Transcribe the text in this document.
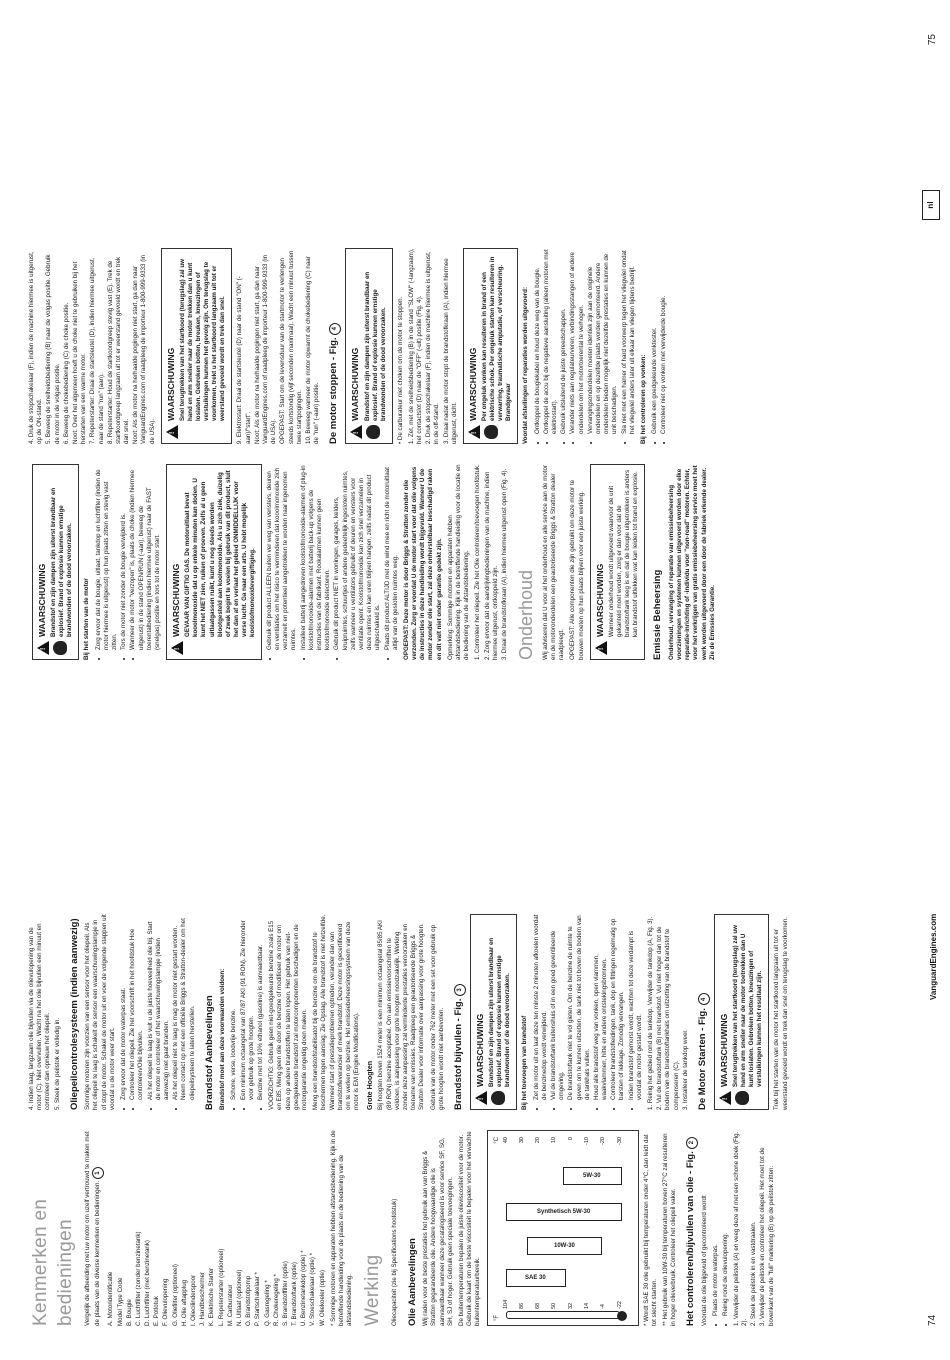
Kenmerken en bedieningen	Vergelijk de afbeelding met uw motor om uzelf vertrouwd te maken met de plaats van de diverse kenmerken en bedieningen. 1

A. Motoridentificatie Model Type Code B. Bougie C. Luchtfilter (zonder benzinetank) D. Luchtfilter (met benzinetank) E. Potlotuk F. Olievulopening G. Oliefilter (optioneel) H. Olie aftapplug I. Oliecilinderspoor J. Handbeschermer K. Elektrische Starter L. Repeterstarter (optioneel) M. Carburateur N. Uitlaat (optioneel) O. Brandstofpomp P. Startschakelaar * Q. Gasregeling * R. Chokeregeling * S. Brandstoffilter (optie) T. Brandstoftank (optie) U. Benzinetankdop (optie) * V. Stoeschakelaar (optie) * W. Oliekoeler (optie) * Sommige motoren en apparaten hebben afstandsbediening. Kijk in de betreffende handleiding voor de plaats en de bediening van de afstandsbediening. Werking	Oliecapaciteit (zie bij Specifications hoofdstuk) Olie Aanbevelingen Wij raden voor de beste prestaties het gebruik aan van Briggs & Stratton gegarandeerde olie. Andere hoogwaardige olie is aanvaardbaar wanneer deze gecatalogiseerd is voor service SF, SG, SH, SJ of hoger. Gebruik geen speciale toevoegingen. De buitentemperaturen bepalen de juiste olieviscositeit voor de motor. Gebruik de kaart om de beste viscositeit te bepalen voor het verwachte buitentemperatuurbereik. °F
°C
104 86 68 50 32 14 -4 -22
40 30 20 10 0 -10 -20 -30
SAE 30
10W-30
Synthetisch 5W-30
5W-30

* Wordt SAE 30 olie gebruikt bij temperaturen onder 4°C, dan leidt dat tot slecht starten. ** Het gebruik van 10W-30 bij temperaturen boven 27°C zal resulteren in hoger olieverbruik. Controleer het oliepeil vaker. Het controleren/bijvullen van olie - Fig. 2

Voordat de olie bijgevuld of gecontroleerd wordt • Plaats de motor waterpas. • Reinig rond de olievulopening. 1. Verwijder de peilstok (A) en veeg deze af met een schone doek (Fig. 2). 2. Steek de peilstok in en vastdraaien. 3. Verwijder de peilstok en controleer het oliepeil. Het moet tot de bovenkant van de "full" markering (B) op de peilstok zitten.
4. Indien laag, langzaam olie bijvullen via de olievulopening van de motor (C). Niet overvullen. Wacht na het olie bijvullen een minuut en controleer dan opnieuw het oliepeil. 5. Steek de peilstok er volledig in. Oliepeilcontrolesysteem (indien aanwezig) Sommige motoren zijn voorzien van een sensor voor het oliepeil. Als het oliepeil te laag is schakelt de sensor een waarschuwingslampje in of stopt de motor. Schakel de motor uit en voer de volgende stappen uit voordat u de motor weer start. • Zorg ervoor dat de motor waterpas staat. • Controleer het oliepeil. Zie het voorschrift in het hoofdstuk Hoe controleren/Olie bijvullen. • Als het oliepeil te laag is vult u de juiste hoeveelheid olie bij. Start de motor en controleer of het waarschuwingslampje (indien aanwezig) niet gaat branden. • Als het oliepeil niet te laag is mag de motor niet gestart worden. Neem contact op met een officiële Briggs & Stratton-dealer om het oliepeilsysteem te laten herstellen. Brandstof Aanbevelingen Brandstof moet aan deze voorwaarden voldoen: • Schone, verse, loodvrije benzine. • Een minimum octaangetal van 87/87 AKI (91 RON). Zie hieronder voor gebruik op grote hoogten. • Benzine met tot 10% ethanol (gasoline) is aanvaardbaar. VOORZICHTIG: Gebruik geen niet-goedgekeurde benzine zoals E15 en E85. Meng geen olie door de benzine of modificeer de motor om deze op andere brandstoffen te laten lopen. Het gebruik van niet-goedgekeurde brandstof zal motorcomponenten beschadigen en de motorgarantie ongeldig doen maken. Meng een brandstofstabilisator bij de benzine om de brandstof te beschermen tegen aanslag. Zie Opslag. Alle brandstof is niet hetzelfde. Wanneer start of prestatieproblemen optreden, verander dan van brandstofleverancier of merk brandstof. Deze motor is gecertificeerd om te werken op benzine. Het emissiebeheersingssysteem van deze motor is EM (Engine Modifications). Grote Hoogten Bij hoogten boven 1524 meter is een minimum octaangetal 85/85 AKI (89 RON) benzine acceptabel. Om aan emissievoorschriften te voldoen, is aanpassing voor grote hoogten noodzakelijk. Werking zonder deze aanpassing zal verminderde prestaties veroorzaken en toename van emissies. Raadpleeg een geautoriseerde Briggs & Stratton Dealer voor informatie over aanpassing voor grote hoogten. Gebruik van de motor onder 762 meter met een set voor gebruik op grote hoogten wordt niet aanbevolen. Brandstof bijvullen - Fig. 3
!
WAARSCHUWING Brandstof en zijn dampen zijn uiterst brandbaar en explosief. Brand of explosie kunnen ernstige brandwonden of de dood veroorzaken. Bij het toevoegen van brandstof • Zet de motor uit en laat deze ten minste 2 minuten afkoelen voordat de benzinedop wordt verwijderd. • Vul de brandstoftank buitenshuis of in een goed geventileerde omgeving. • De brandstoftank niet te vol gieten. Om de benzine de ruimte te geven om te kunnen uitzetten, de tank niet tot boven de bodem van de tankhals vullen. • Houd alle brandstof weg van vonken, open vlammen, waakvlammen, hitte en andere ontstekingsbronnen. • Controleer brandstofleidingen, tank, dop en fittingen regelmatig op barsten of lekkage. Zonodig vervangen. • Indien brandstof gemorst wordt, wachten tot deze verdampt is voordat de motor gestart wordt. 1. Reinig het gebied rond de tankdop. Verwijder de tankdop (A, Fig. 3). 2. Vul de brandstoftank (B) met brandstof. Vul niet hoger dan tot de bodem van de brandstoftankhals om uitzetting van de brandstof te compenseren (C). 3. Installeer de tankdop weer. De Motor Starten - Fig. 4
!
WAARSCHUWING Snel terugtrekken van het startkoord (terugslag) zal uw hand en arm sneller naar de motor toetrekken dan U kunt loslaten. Gebroken botten, kneuzingen of verstuikingen kunnen het resultaat zijn. Trek bij het starten van de motor het startkoord langzaam uit tot er weerstand gevoeld wordt en trek dan snel om terugslag te voorkomen.

74
VanguardEngines.com
!
WAARSCHUWING Brandstof en zijn dampen zijn uiterst brandbaar en explosief. Brand of explosie kunnen ernstige brandwonden of de dood veroorzaken. Bij het starten van de motor • Zorg ervoor dat de bougie, uitlaat, tankdop en luchtfilter (indien de motor hiermee is uitgerust) op hun plaats zitten en stevig vast zitten. • Tors de motor niet zonder de bougie verwijderd is. • Wanneer de motor "verzopen" is, plaats de choke (indien hiermee uitgerust) in de stand OPEN/RUN (-aan), beweeg de toerentalbediening (indien hiermee uitgerust) naar de FAST (snelgas) positie en tors tot de motor start.
! WAARSCHUWING GEVAAR VAN GIFTIG GAS. De motoruitlaat bevat kooolmonoxide dat u op enkele minuten kan doden. U kunt het NIET zien, ruiken of proeven. Zelfs al u geen uitlaatgassen ruikt, kunt u nog steeds worden blootgesteld aan koolmonoxide. Als u zich ziek, duizelig of zwak begint te voelen bij gebruik van dit product, sluit het dan af en verlaat het gebied ONMIDDELLIJK voor verse lucht. Ga naar een arts. U hebt mogelijk koolstofmonoxidevergiftiging. • Gebruik dit product ALLEEN buiten ver weg van vensters, deuren en ventilaties om het risico te verminderen dat kooolmonoxide zich verzamelt en potentieel aangetrokken te worden naar ingenomen ruimtes. • Installeer batterij aangedreven koolstofmonoxide-alarmen of plug-in koolstofmonoxide-alarmen met batterij back-up volgens de instructies van de fabrikant. Rookalarmen kunnen geen koolstofmonoxide detecteren. • Gebruik dit product NIET in woningen, garages, kelders, kruipruimtes, schuurtjes of andere gedeeltelijk ingesloten ruimtes, zelfs wanneer u ventilators gebruikt of deuren en vensters voor ventilatie opent. Koolstofmonoxide kan zich snel verzamelen in deze ruimtes en kan uren blijven hangen, zelfs nadat dit product uitgeschakeld is. • Plaats dit product ALTIJD met de wind mee en richt de motoruitlaat altijd van de gesloten ruimtes weg. OPGEPAST: Deze motor is door Briggs & Stratton zonder olie verzonden. Zorg er voordat U de motor start voor dat olie volgens de instructies in deze handleiding wordt bijgevuld. Wanneer U de motor zonder olie start, zal deze onherstelbaar beschadigd raken en dit valt niet onder garantie gedekt zijn. Opmerking: Sommige motoren en apparaten hebben afstandsbediening. Kijk in de betreffende handleiding voor de locatie en de bediening van de afstandsbediening. 1. Controleer het oliepeil. Zie het Olie controleren/toevoegen hoofdstuk. 2. Zorg ervoor dat de aandrijvingbedieningen van de machine, indien hiermee uitgerust, ontkoppeld zijn. 3. Draai de brandstofkraan (A), indien hiermee uitgerust open (Fig. 4). Onderhoud Wij adviseren dat U voor al het onderhoud en alle service aan de motor en de motoronderdelen een geautoriseerde Briggs & Stratton dealer raadpleegt. OPGEPAST: Alle componenten die zijn gebruikt om deze motor te bouwen moeten op hun plaats blijven voor een juiste werking.

! WAARSCHUWING Wanneer onderhoud wordt uitgevoerd waarvoor de unit gekanteld moet worden, zorg er dan voor dat de brandstoftank leeg is en dat de bougie uitgetrokken is anders kan brandstof uitlekken wat kan leiden tot brand en explosie. Emissie Beheersing Onderhoud, vervanging of reparatie van emissiebeheersing voorzieningen en systemen kunnen uitgevoerd worden door elke reparatie-inrichting of -individu voor "non-road" motoren. Echter, voor het verkrijgen van gratis emissiebeheersing service moet het werk worden uitgevoerd door een door de fabriek erkende dealer. Zie de Emissies Garantie.

4. Druk de stopschakelaar (F), indien de machine hiermee is uitgerust, op de ON-stand. 5. Beweeg de snelheidsbediening (B) naar de volgas positie. Gebruik de motor in de volgas positie. 6. Beweeg de chokebediening (C) de choke positie. Noot: Over het algemeen hoeft u de choke niet te gebruiken bij het herstarten van een warme motor. 7. Repeterstarter: Draai de startsleutel (D), indien hiermee uitgerust, naar de stand "run" (aan). 8. Repeterstarter: Houd de startkoordgreep stevig vast (E). Trek de startkoordgreep langzaam uit tot er weerstand gevoeld wordt en trek dan snel. Noot: Als de motor na herhaalde pogingen niet start, ga dan naar VanguardEngines.com of raadpleeg de importeur 1-800-999-9333 (in de USA).
!
WAARSCHUWING Snel terugtrekken van het startkoord (terugslag) zal uw hand en arm sneller naar de motor trekken dan u kunt loslaten. Gebroken botten, breuken, kneuzingen of verstuikingen kunnen het gevolg zijn. Om terugslag te voorkomen, trekt u het startkoord langzaam uit tot er weerstand gevoeld wordt en trek dan snel. 9. Elektrostart: Draai de startsleutel (D) naar de stand "ON" (-aan)/"start". Noot: Als de motor na herhaalde pogingen niet start, ga dan naar VanguardEngines.com of raadpleeg de importeur 1-800-999-9333 (in de USA). OPGEPAST: Start om de levensduur van de startmotor te verlengen steeds kortstondig (vijf seconden maximaal). Wacht een minuut tussen twee startpogingen. 10. Beweeg wanneer de motor opwarmt de chokebediening (C) naar de "run" (-aan) positie. De motor stoppen - Fig. 4
!
WAARSCHUWING Brandstof en zijn dampen zijn uiterst brandbaar en explosief. Brand of explosie kunnen ernstige brandwonden of de dood veroorzaken.

• De carburateur niet choken om de motor te stoppen. 1. Zet, met de snelheidsbediening (B) in de stand "SLOW" (-langzaam), het contactslot (D) naar de "OFF" (-uit) positie (Fig. 4). 2. Druk de stopschakelaar (F), indien de machine hiermee is uitgerust, in de off-stand. 3. Draai nadat de motor stopt de brandstofkraan (A), indien hiermee uitgerust, dicht.
!
WAARSCHUWING Per ongeluk vonken kan resulteren in brand of een elektrische schok. Per ongeluk starten kan resulteren in verwarring, traumatische amputatie, of verscheuring. Brandgevaar Voordat afstellingen of reparaties worden uitgevoerd: • Ontkoppel de bougiekabel en houd deze weg van de bougie. • Ontkoppel de accu bij de negatieve aansluiting (alleen motoren met elektrostart). • Gebruik uitsluitend de juiste gereedschappen. • Verander niets aan regulateurveren, verbindingsstangen of andere onderdelen om het motortoerental te verhogen. • Vervangingsonderdelen moeten identiek zijn aan de originele onderdelen en op dezelfde plaats worden gemonteerd. Andere onderdelen bieden mogelijk niet dezelfde prestaties en kunnen de unit beschadigen. • Sla niet met een hamer of hard voorwerp tegen het vliegwiel omdat het vliegwiel anders later uit elkaar kan vliegen tijdens bedrijf. Bij het controleren op vonken: • Gebruik een goedgekeurde vonktester. • Controleer niet op vonken met verwijderde bougie.
nl
75
